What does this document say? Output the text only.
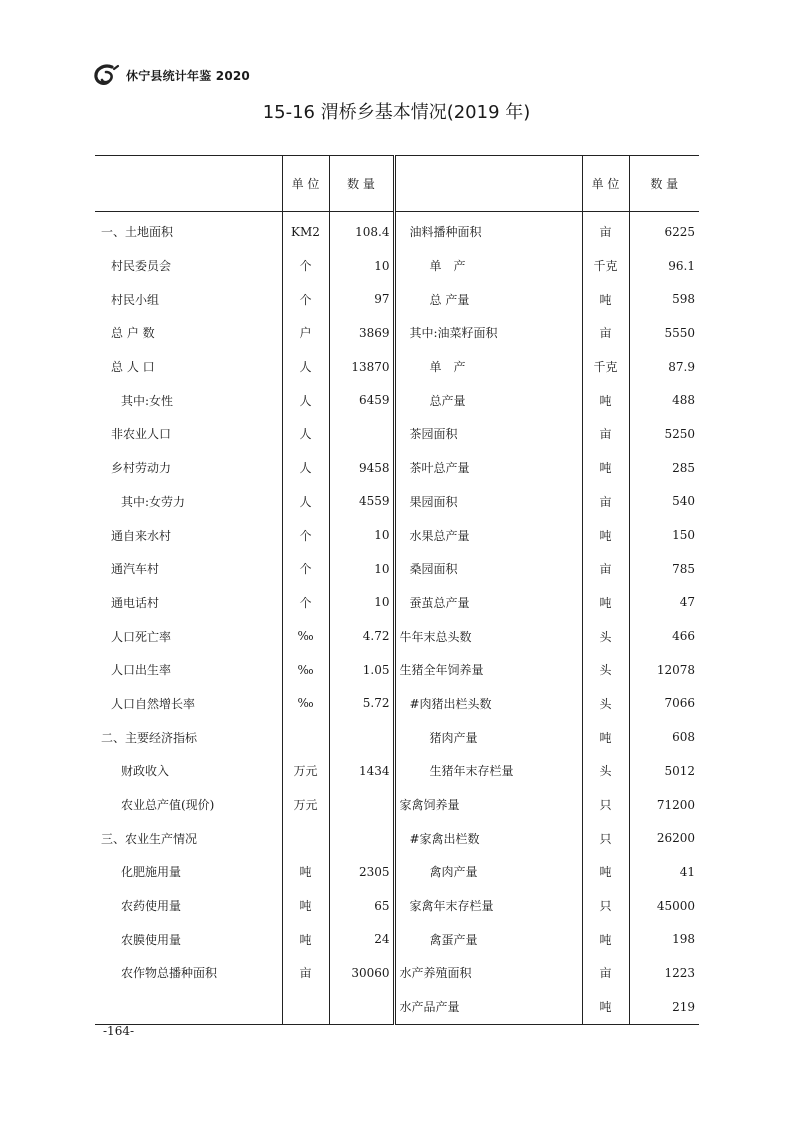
休宁县统计年鉴 2020
15-16 渭桥乡基本情况(2019 年)
	单 位	数 量		单 位	数 量
一、土地面积	KM2	108.4	油料播种面积	亩	6225
村民委员会	个	10	单　产	千克	96.1
村民小组	个	97	总 产量	吨	598
总 户 数	户	3869	其中:油菜籽面积	亩	5550
总 人 口	人	13870	单　产	千克	87.9
其中:女性	人	6459	总产量	吨	488
非农业人口	人		茶园面积	亩	5250
乡村劳动力	人	9458	茶叶总产量	吨	285
其中:女劳力	人	4559	果园面积	亩	540
通自来水村	个	10	水果总产量	吨	150
通汽车村	个	10	桑园面积	亩	785
通电话村	个	10	蚕茧总产量	吨	47
人口死亡率	‰	4.72	牛年末总头数	头	466
人口出生率	‰	1.05	生猪全年饲养量	头	12078
人口自然增长率	‰	5.72	#肉猪出栏头数	头	7066
二、主要经济指标			猪肉产量	吨	608
财政收入	万元	1434	生猪年末存栏量	头	5012
农业总产值(现价)	万元		家禽饲养量	只	71200
三、农业生产情况			#家禽出栏数	只	26200
化肥施用量	吨	2305	禽肉产量	吨	41
农药使用量	吨	65	家禽年末存栏量	只	45000
农膜使用量	吨	24	禽蛋产量	吨	198
农作物总播种面积	亩	30060	水产养殖面积	亩	1223
			水产品产量	吨	219
-164-
